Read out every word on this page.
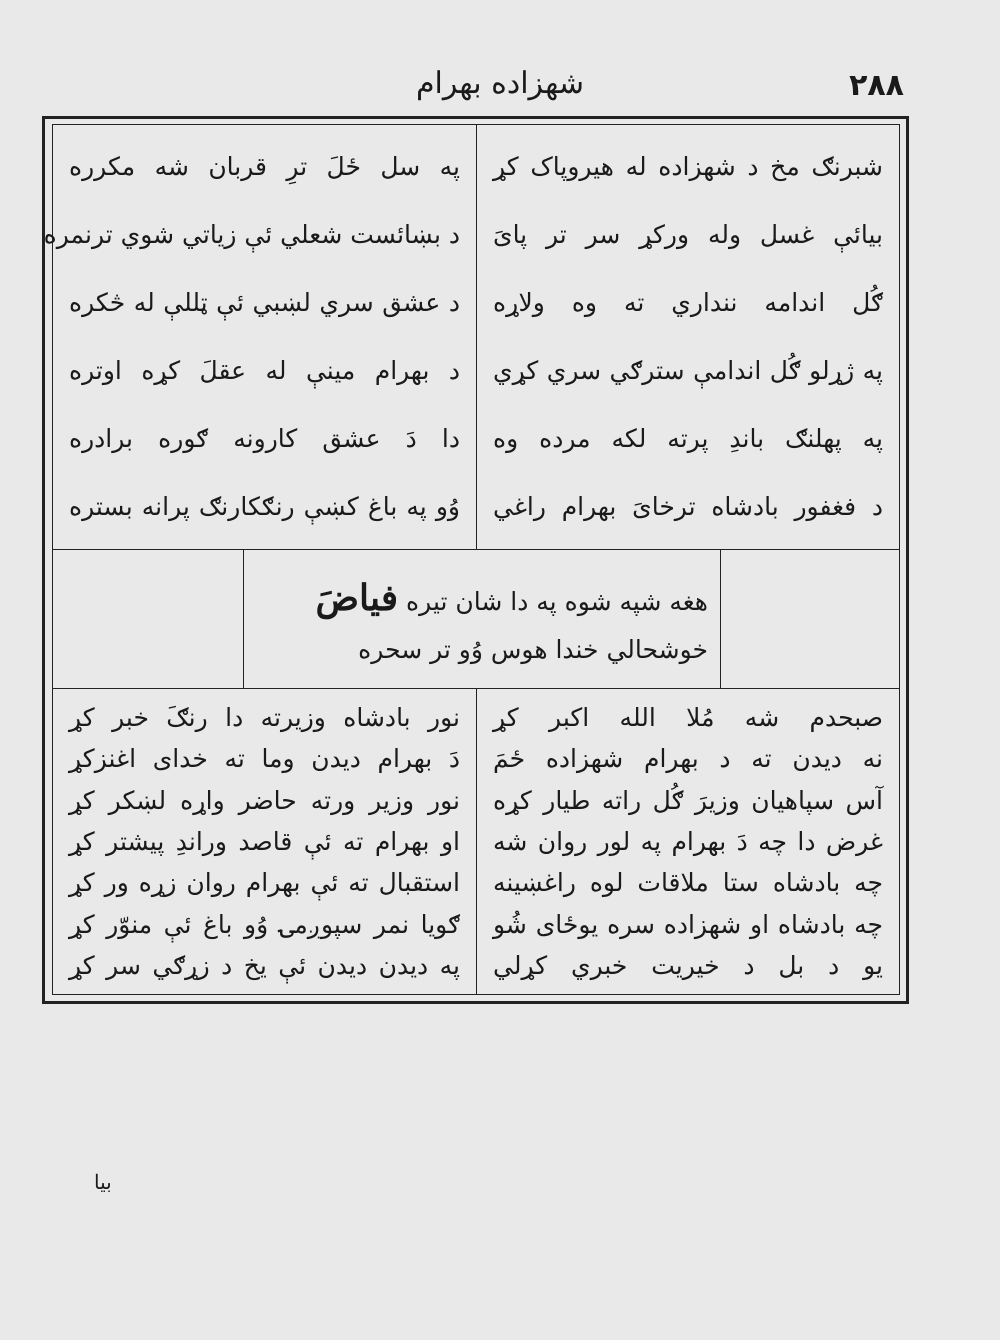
۲۸۸
شهزاده بهرام
شبرنګ مخ د شهزاده له هیروپاک کړ
بیائې غسل وله ورکړ سر تر پایَ
ګُل اندامه ننداري ته وه ولاړه
په ژړلو ګُل اندامې سترګي سري کړي
په پهلنګ باندِ پرته لکه مرده وه
د فغفور بادشاه ترخایَ بهرام راغي
په سل ځلَ ترِ قربان شه مکرره
د بښائست شعلي ئې زیاتي شوي ترنمره
د عشق سري لښبي ئې ټللې له څکره
د بهرام مینې له عقلَ کړه اوتره
دا دَ عشق کارونه ګوره برادره
وُو په باغ کښې رنګکارنګ پرانه بستره
هغه شپه شوه په دا شان تیره فیاضَ
خوشحالي خندا هوس وُو تر سحره
صبحدم شه مُلا الله اکبر کړ
نه دیدن ته د بهرام شهزاده ځمَ
آس سپاهیان وزیرَ ګُل راته طیار کړه
غرض دا چه دَ بهرام په لور روان شه
چه بادشاه ستا ملاقات لوه راغښینه
چه بادشاه او شهزاده سره یوځای شُو
یو د بل د خیریت خبري کړلي
نور بادشاه وزیرته دا رنګَ خبر کړ
دَ بهرام دیدن وما ته خدای اغنزکړ
نور وزیر ورته حاضر واړه لښکر کړ
او بهرام ته ئې قاصد وراندِ پیشتر کړ
استقبال ته ئې بهرام روان زړه ور کړ
ګویا نمر سپوږمۍ وُو باغ ئې منوّر کړ
په دیدن دیدن ئې یخ د زړګي سر کړ
بیا
